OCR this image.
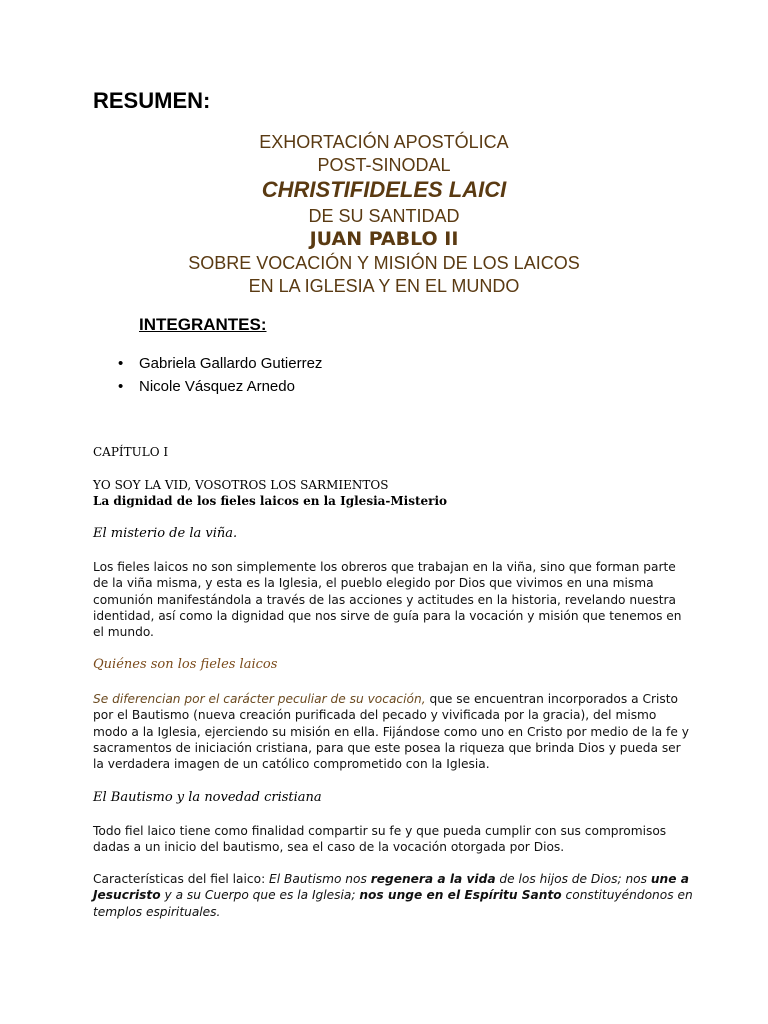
RESUMEN:
EXHORTACIÓN APOSTÓLICA
POST-SINODAL
CHRISTIFIDELES LAICI
DE SU SANTIDAD
JUAN PABLO II
SOBRE VOCACIÓN Y MISIÓN DE LOS LAICOS
EN LA IGLESIA Y EN EL MUNDO
INTEGRANTES:
• Gabriela Gallardo Gutierrez
• Nicole Vásquez Arnedo
CAPÍTULO I
YO SOY LA VID, VOSOTROS LOS SARMIENTOS
La dignidad de los fieles laicos en la Iglesia-Misterio
El misterio de la viña.
Los fieles laicos no son simplemente los obreros que trabajan en la viña, sino que forman parte de la viña misma, y esta es la Iglesia, el pueblo elegido por Dios que vivimos en una misma comunión manifestándola a través de las acciones y actitudes en la historia, revelando nuestra identidad, así como la dignidad que nos sirve de guía para la vocación y misión que tenemos en el mundo.
Quiénes son los fieles laicos
Se diferencian por el carácter peculiar de su vocación, que se encuentran incorporados a Cristo por el Bautismo (nueva creación purificada del pecado y vivificada por la gracia), del mismo modo a la Iglesia, ejerciendo su misión en ella. Fijándose como uno en Cristo por medio de la fe y sacramentos de iniciación cristiana, para que este posea la riqueza que brinda Dios y pueda ser la verdadera imagen de un católico comprometido con la Iglesia.
El Bautismo y la novedad cristiana
Todo fiel laico tiene como finalidad compartir su fe y que pueda cumplir con sus compromisos dadas a un inicio del bautismo, sea el caso de la vocación otorgada por Dios.
Características del fiel laico: El Bautismo nos regenera a la vida de los hijos de Dios; nos une a Jesucristo y a su Cuerpo que es la Iglesia; nos unge en el Espíritu Santo constituyéndonos en templos espirituales.
